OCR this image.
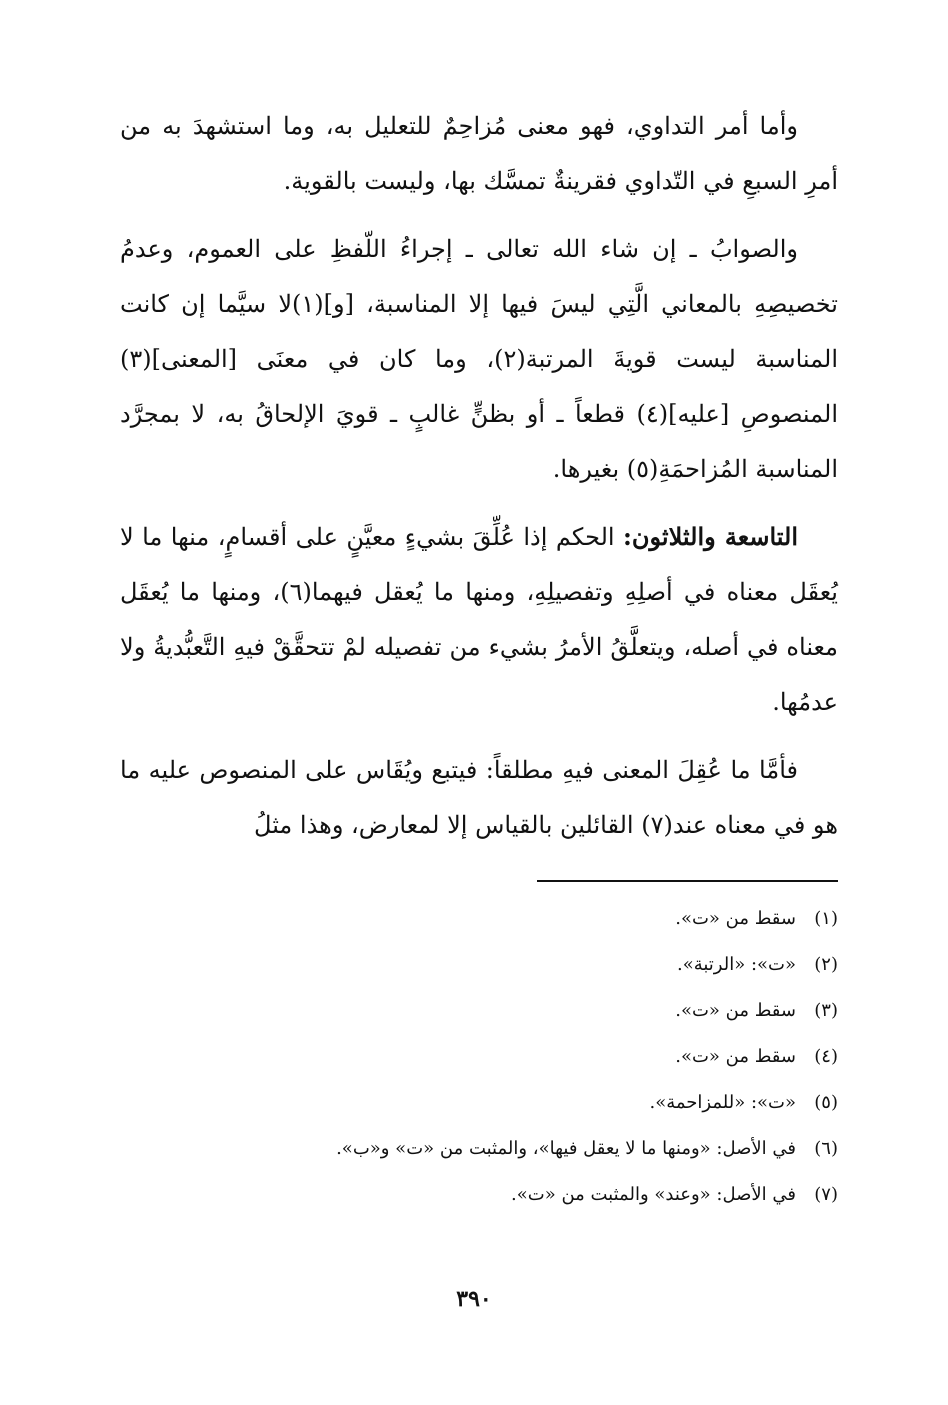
وأما أمر التداوي، فهو معنى مُزاحِمٌ للتعليل به، وما استشهدَ به من أمرِ السبعِ في التّداوي فقرينةٌ تمسَّك بها، وليست بالقوية.

والصوابُ ـ إن شاء الله تعالى ـ إجراءُ اللّفظِ على العموم، وعدمُ تخصيصِهِ بالمعاني الَّتِي ليسَ فيها إلا المناسبة، [و](١)لا سيَّما إن كانت المناسبة ليست قويةَ المرتبة(٢)، وما كان في معنَى [المعنى](٣) المنصوصِ [عليه](٤) قطعاً ـ أو بظنٍّ غالبٍ ـ قويَ الإلحاقُ به، لا بمجرَّد المناسبة المُزاحمَةِ(٥) بغيرها.

التاسعة والثلاثون: الحكم إذا عُلِّقَ بشيءٍ معيَّنٍ على أقسامٍ، منها ما لا يُعقَل معناه في أصلِهِ وتفصيلِهِ، ومنها ما يُعقل فيهما(٦)، ومنها ما يُعقَل معناه في أصله، ويتعلَّقُ الأمرُ بشيء من تفصيله لمْ تتحقَّقْ فيهِ التَّعبُّديةُ ولا عدمُها.

فأمَّا ما عُقِلَ المعنى فيهِ مطلقاً: فيتبع ويُقَاس على المنصوص عليه ما هو في معناه عند(٧) القائلين بالقياس إلا لمعارض، وهذا مثلُ

(١)سقط من «ت».
(٢)«ت»: «الرتبة».
(٣)سقط من «ت».
(٤)سقط من «ت».
(٥)«ت»: «للمزاحمة».
(٦)في الأصل: «ومنها ما لا يعقل فيها»، والمثبت من «ت» و«ب».
(٧)في الأصل: «وعند» والمثبت من «ت».
٣٩٠
